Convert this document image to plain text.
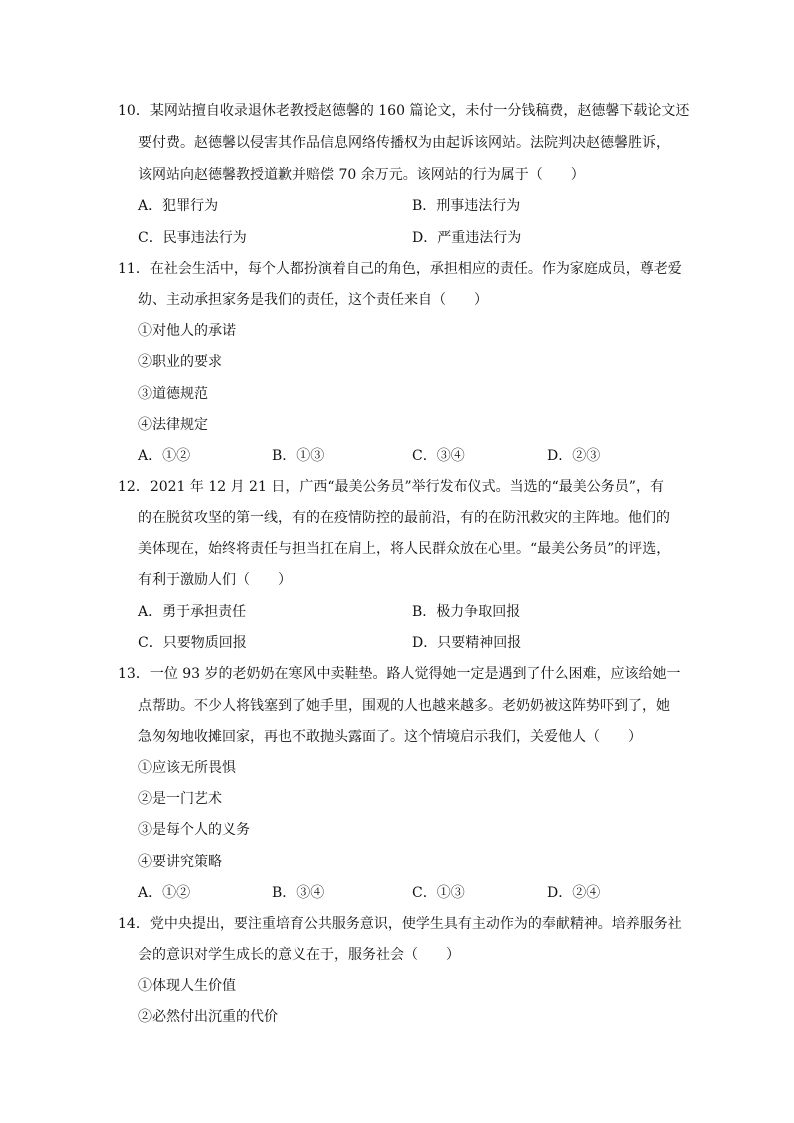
10．某网站擅自收录退休老教授赵德馨的 160 篇论文，未付一分钱稿费，赵德馨下载论文还
要付费。赵德馨以侵害其作品信息网络传播权为由起诉该网站。法院判决赵德馨胜诉，
该网站向赵德馨教授道歉并赔偿 70 余万元。该网站的行为属于（　　）
A．犯罪行为	B．刑事违法行为
C．民事违法行为	D．严重违法行为
11．在社会生活中，每个人都扮演着自己的角色，承担相应的责任。作为家庭成员，尊老爱
幼、主动承担家务是我们的责任，这个责任来自（　　）
①对他人的承诺
②职业的要求
③道德规范
④法律规定
A．①②	B．①③	C．③④	D．②③
12．2021 年 12 月 21 日，广西“最美公务员”举行发布仪式。当选的“最美公务员”，有
的在脱贫攻坚的第一线，有的在疫情防控的最前沿，有的在防汛救灾的主阵地。他们的
美体现在，始终将责任与担当扛在肩上，将人民群众放在心里。“最美公务员”的评选，
有利于激励人们（　　）
A．勇于承担责任	B．极力争取回报
C．只要物质回报	D．只要精神回报
13．一位 93 岁的老奶奶在寒风中卖鞋垫。路人觉得她一定是遇到了什么困难，应该给她一
点帮助。不少人将钱塞到了她手里，围观的人也越来越多。老奶奶被这阵势吓到了，她
急匆匆地收摊回家，再也不敢抛头露面了。这个情境启示我们，关爱他人（　　）
①应该无所畏惧
②是一门艺术
③是每个人的义务
④要讲究策略
A．①②	B．③④	C．①③	D．②④
14．党中央提出，要注重培育公共服务意识，使学生具有主动作为的奉献精神。培养服务社
会的意识对学生成长的意义在于，服务社会（　　）
①体现人生价值
②必然付出沉重的代价
